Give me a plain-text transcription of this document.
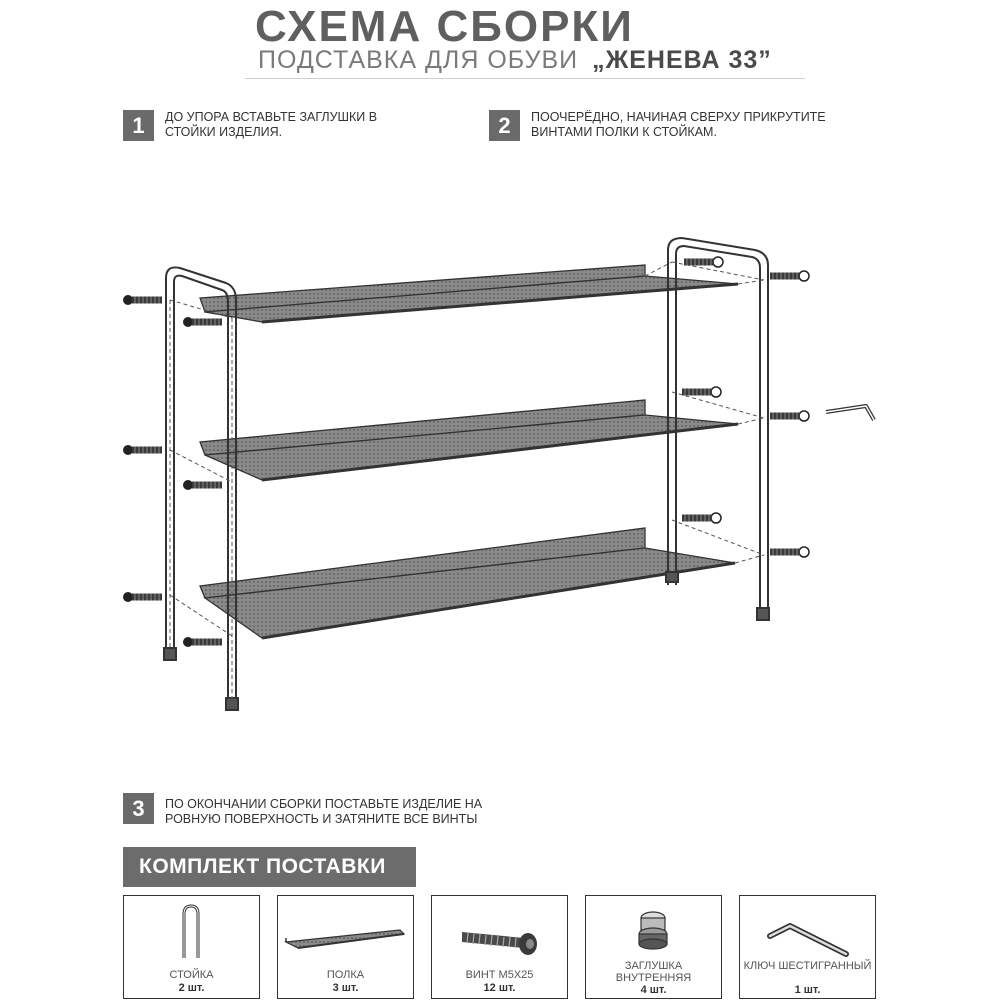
СХЕМА СБОРКИ
ПОДСТАВКА ДЛЯ ОБУВИ „ЖЕНЕВА 33”
1	ДО УПОРА ВСТАВЬТЕ ЗАГЛУШКИ В СТОЙКИ ИЗДЕЛИЯ.	2	ПООЧЕРЁДНО, НАЧИНАЯ СВЕРХУ ПРИКРУТИТЕ ВИНТАМИ ПОЛКИ К СТОЙКАМ.
3	ПО ОКОНЧАНИИ СБОРКИ ПОСТАВЬТЕ ИЗДЕЛИЕ НА РОВНУЮ ПОВЕРХНОСТЬ И ЗАТЯНИТЕ ВСЕ ВИНТЫ
КОМПЛЕКТ ПОСТАВКИ
СТОЙКА
2 шт.
ПОЛКА
3 шт.
ВИНТ М5Х25
12 шт.
ЗАГЛУШКА ВНУТРЕННЯЯ
4 шт.
КЛЮЧ ШЕСТИГРАННЫЙ
1 шт.
